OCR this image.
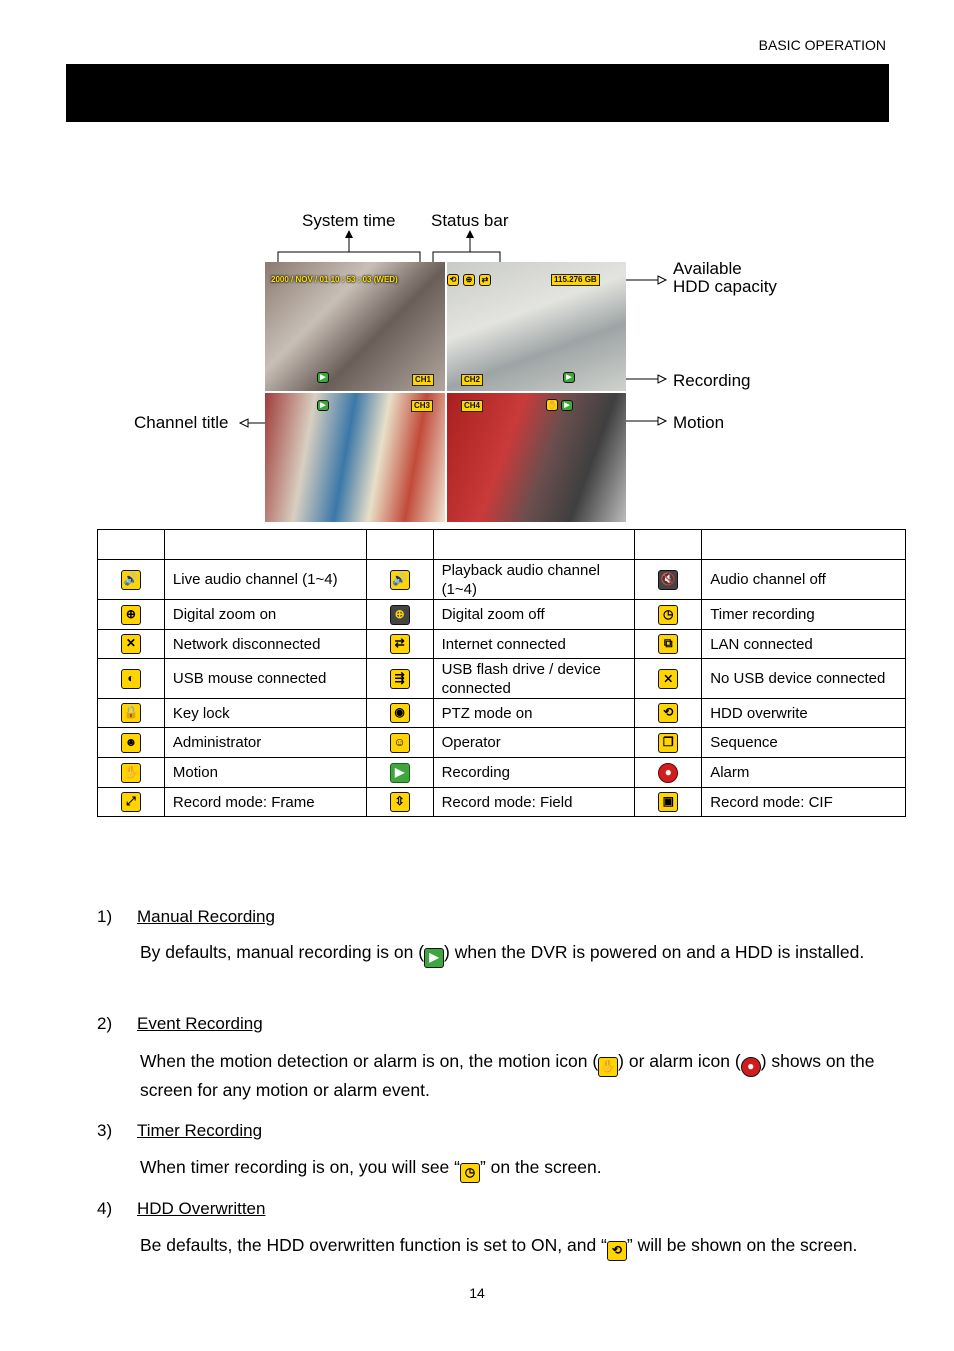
BASIC OPERATION
System time Status bar
Available
HDD capacity
Recording
Channel title	Motion
2000 / NOV / 01 10 : 53 : 03 (WED)
CH1
▶
⟲	⊕	⇄	115.276 GB
CH2	▶
▶	CH3	CH4	✋	▶

🔊	Live audio channel (1~4)	🔊	Playback audio channel (1~4)	🔇	Audio channel off
⊕	Digital zoom on	⊕	Digital zoom off	◷	Timer recording
✕	Network disconnected	⇄	Internet connected	⧉	LAN connected
◐	USB mouse connected	⇶	USB flash drive / device connected	⨯	No USB device connected
🔒	Key lock	◉	PTZ mode on	⟲	HDD overwrite
☻	Administrator	☺	Operator	❐	Sequence
✋	Motion	▶	Recording	●	Alarm
⤢	Record mode: Frame	⇳	Record mode: Field	▣	Record mode: CIF
1) Manual Recording
By defaults, manual recording is on ( ▶ ) when the DVR is powered on and a HDD is installed.
2) Event Recording
When the motion detection or alarm is on, the motion icon ( ✋ ) or alarm icon ( ● ) shows on the screen for any motion or alarm event.
3) Timer Recording
When timer recording is on, you will see “ ◷ ” on the screen.
4) HDD Overwritten
Be defaults, the HDD overwritten function is set to ON, and “ ⟲ ” will be shown on the screen.
14
